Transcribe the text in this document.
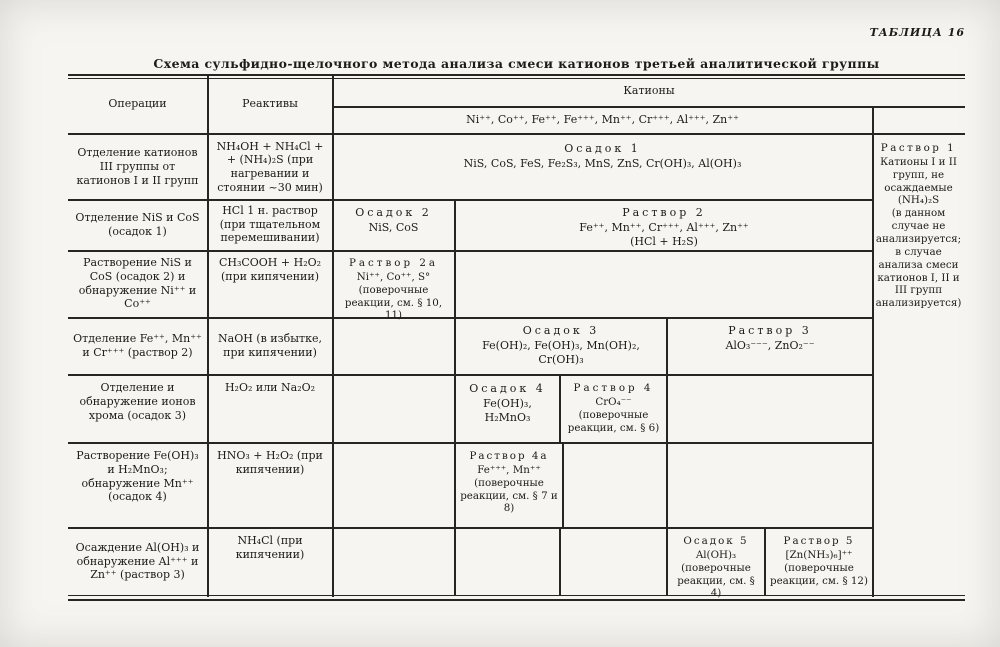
ТАБЛИЦА 16
Схема сульфидно-щелочного метода анализа смеси катионов третьей аналитической группы
Операции	Реактивы
Катионы
Ni⁺⁺, Co⁺⁺, Fe⁺⁺, Fe⁺⁺⁺, Mn⁺⁺, Cr⁺⁺⁺, Al⁺⁺⁺, Zn⁺⁺
Раствор 1
Катионы I и II групп, не осаждаемые (NH₄)₂S
(в данном случае не анализируется; в случае анализа смеси катионов I, II и III групп анализируется)
Отделение катионов III группы от катионов I и II групп
NH₄OH + NH₄Cl + + (NH₄)₂S (при нагревании и стоянии ~30 мин)
Осадок 1
NiS, CoS, FeS, Fe₂S₃, MnS, ZnS, Cr(OH)₃, Al(OH)₃
Отделение NiS и CoS (осадок 1)
HCl 1 н. раствор (при тщательном перемешивании)
Осадок 2
NiS, CoS
Раствор 2
Fe⁺⁺, Mn⁺⁺, Cr⁺⁺⁺, Al⁺⁺⁺, Zn⁺⁺
(HCl + H₂S)
Растворение NiS и CoS (осадок 2) и обнаружение Ni⁺⁺ и Co⁺⁺
CH₃COOH + H₂O₂ (при кипячении)
Раствор 2а
Ni⁺⁺, Co⁺⁺, S°
(поверочные реакции, см. § 10, 11)
Отделение Fe⁺⁺, Mn⁺⁺ и Cr⁺⁺⁺ (раствор 2)
NaOH (в избытке, при кипячении)
Осадок 3
Fe(OH)₂, Fe(OH)₃, Mn(OH)₂, Cr(OH)₃
Раствор 3
AlO₃⁻⁻⁻, ZnO₂⁻⁻
Отделение и обнаружение ионов хрома (осадок 3)
H₂O₂ или Na₂O₂	Осадок 4
Fe(OH)₃, H₂MnO₃
Раствор 4
CrO₄⁻⁻ (поверочные реакции, см. § 6)
Растворение Fe(OH)₃ и H₂MnO₃; обнаружение Mn⁺⁺ (осадок 4)
HNO₃ + H₂O₂ (при кипячении)
Раствор 4а
Fe⁺⁺⁺, Mn⁺⁺
(поверочные реакции, см. § 7 и 8)
Осаждение Al(OH)₃ и обнаружение Al⁺⁺⁺ и Zn⁺⁺ (раствор 3)
NH₄Cl (при кипячении)
Осадок 5
Al(OH)₃ (поверочные реакции, см. § 4)
Раствор 5
[Zn(NH₃)₆]⁺⁺ (поверочные реакции, см. § 12)
